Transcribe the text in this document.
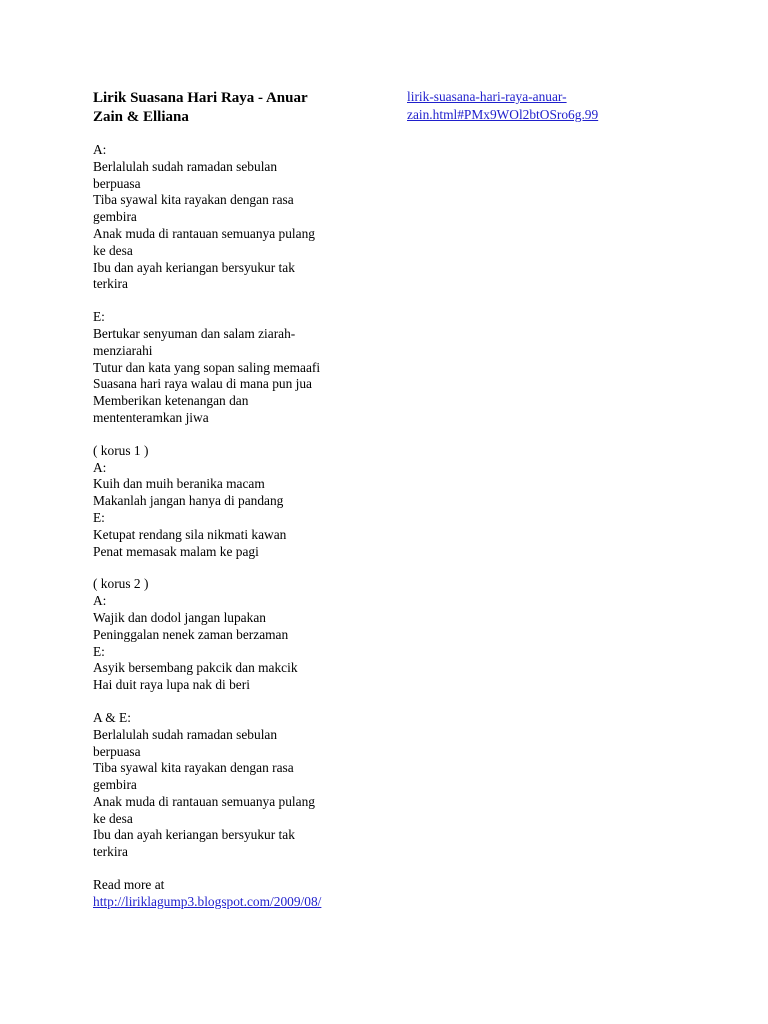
Lirik Suasana Hari Raya - Anuar
Zain & Elliana
A:
Berlalulah sudah ramadan sebulan
berpuasa
Tiba syawal kita rayakan dengan rasa
gembira
Anak muda di rantauan semuanya pulang
ke desa
Ibu dan ayah keriangan bersyukur tak
terkira
E:
Bertukar senyuman dan salam ziarah-
menziarahi
Tutur dan kata yang sopan saling memaafi
Suasana hari raya walau di mana pun jua
Memberikan ketenangan dan
mententeramkan jiwa
( korus 1 )
A:
Kuih dan muih beranika macam
Makanlah jangan hanya di pandang
E:
Ketupat rendang sila nikmati kawan
Penat memasak malam ke pagi
( korus 2 )
A:
Wajik dan dodol jangan lupakan
Peninggalan nenek zaman berzaman
E:
Asyik bersembang pakcik dan makcik
Hai duit raya lupa nak di beri
A & E:
Berlalulah sudah ramadan sebulan
berpuasa
Tiba syawal kita rayakan dengan rasa
gembira
Anak muda di rantauan semuanya pulang
ke desa
Ibu dan ayah keriangan bersyukur tak
terkira
Read more at
http://liriklagump3.blogspot.com/2009/08/
lirik-suasana-hari-raya-anuar-
zain.html#PMx9WOl2btOSro6g.99
